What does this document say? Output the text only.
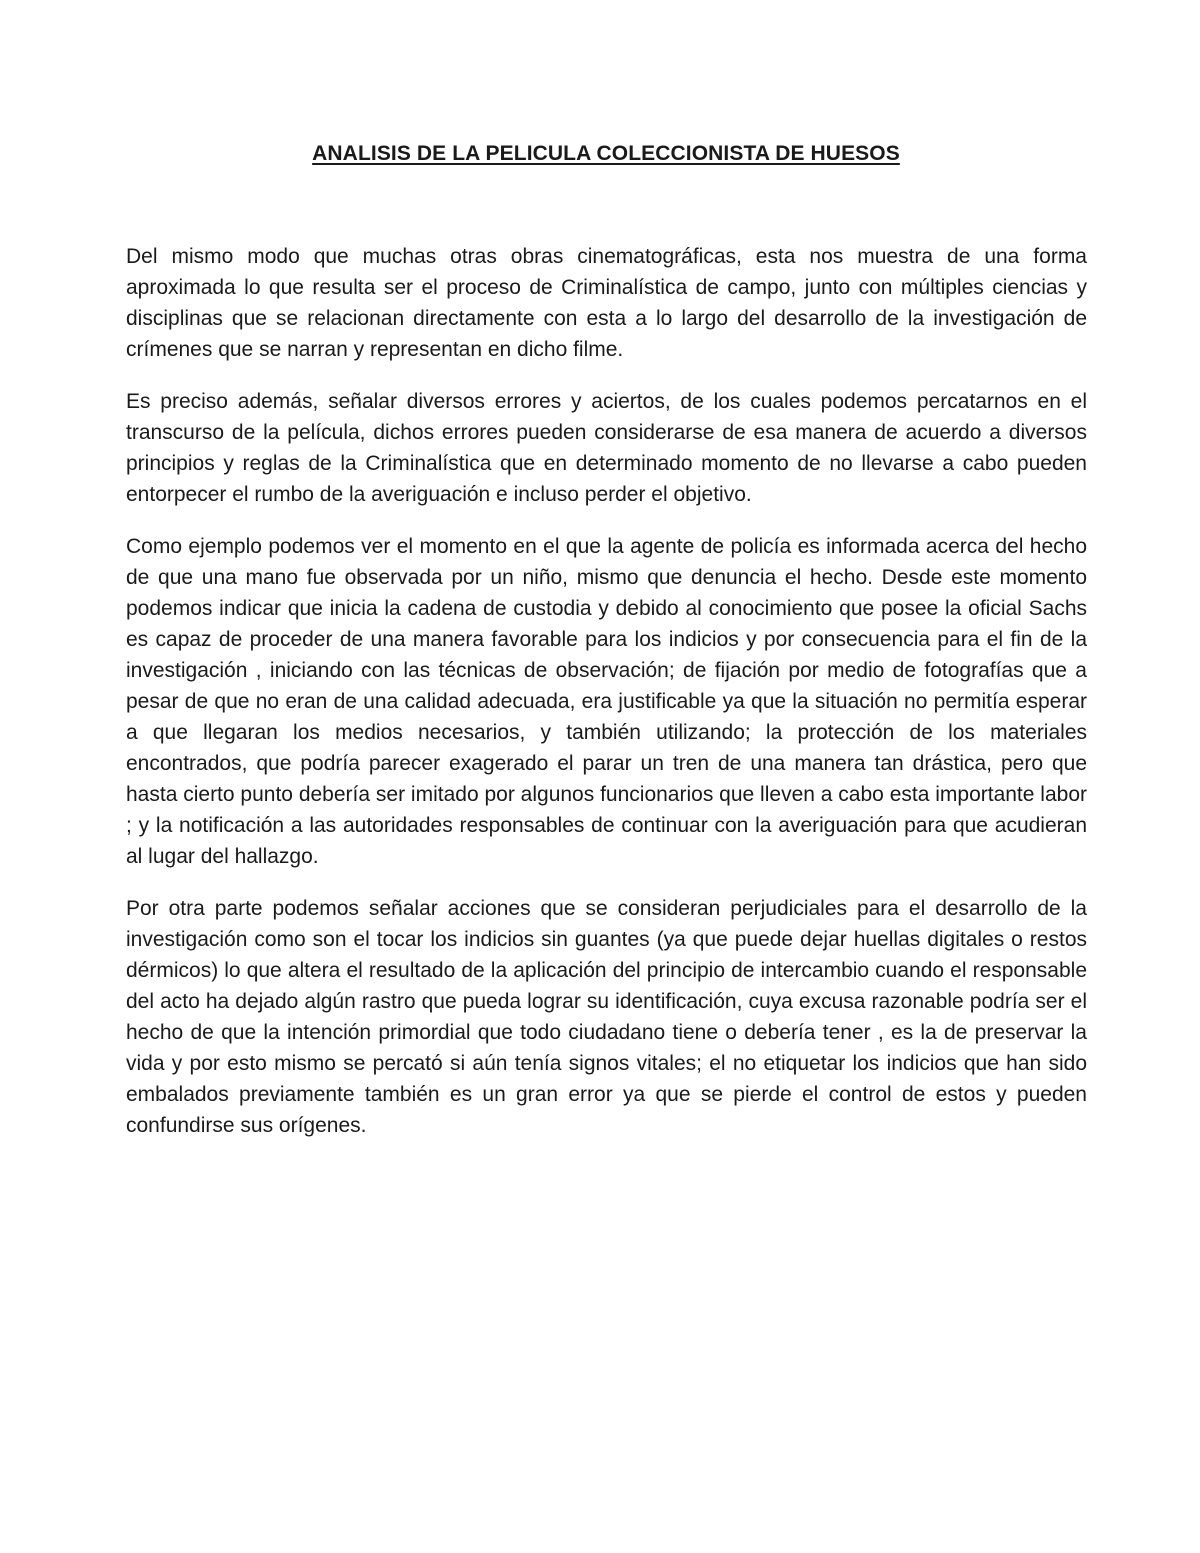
ANALISIS DE LA PELICULA COLECCIONISTA DE HUESOS

Del mismo modo que muchas otras obras cinematográficas, esta nos muestra de una forma aproximada lo que resulta ser el proceso de Criminalística de campo, junto con múltiples ciencias y disciplinas que se relacionan directamente con esta a lo largo del desarrollo de la investigación de crímenes que se narran y representan en dicho filme.

Es preciso además, señalar diversos errores y aciertos, de los cuales podemos percatarnos en el transcurso de la película, dichos errores pueden considerarse de esa manera de acuerdo a diversos principios y reglas de la Criminalística que en determinado momento de no llevarse a cabo pueden entorpecer el rumbo de la averiguación e incluso perder el objetivo.

Como ejemplo podemos ver el momento en el que la agente de policía es informada acerca del hecho de que una mano fue observada por un niño, mismo que denuncia el hecho. Desde este momento podemos indicar que inicia la cadena de custodia y debido al conocimiento que posee la oficial Sachs es capaz de proceder de una manera favorable para los indicios y por consecuencia para el fin de la investigación , iniciando con las técnicas de observación; de fijación por medio de fotografías que a pesar de que no eran de una calidad adecuada, era justificable ya que la situación no permitía esperar a que llegaran los medios necesarios, y también utilizando; la protección de los materiales encontrados, que podría parecer exagerado el parar un tren de una manera tan drástica, pero que hasta cierto punto debería ser imitado por algunos funcionarios que lleven a cabo esta importante labor ; y la notificación a las autoridades responsables de continuar con la averiguación para que acudieran al lugar del hallazgo.

Por otra parte podemos señalar acciones que se consideran perjudiciales para el desarrollo de la investigación como son el tocar los indicios sin guantes (ya que puede dejar huellas digitales o restos dérmicos) lo que altera el resultado de la aplicación del principio de intercambio cuando el responsable del acto ha dejado algún rastro que pueda lograr su identificación, cuya excusa razonable podría ser el hecho de que la intención primordial que todo ciudadano tiene o debería tener , es la de preservar la vida y por esto mismo se percató si aún tenía signos vitales; el no etiquetar los indicios que han sido embalados previamente también es un gran error ya que se pierde el control de estos y pueden confundirse sus orígenes.
